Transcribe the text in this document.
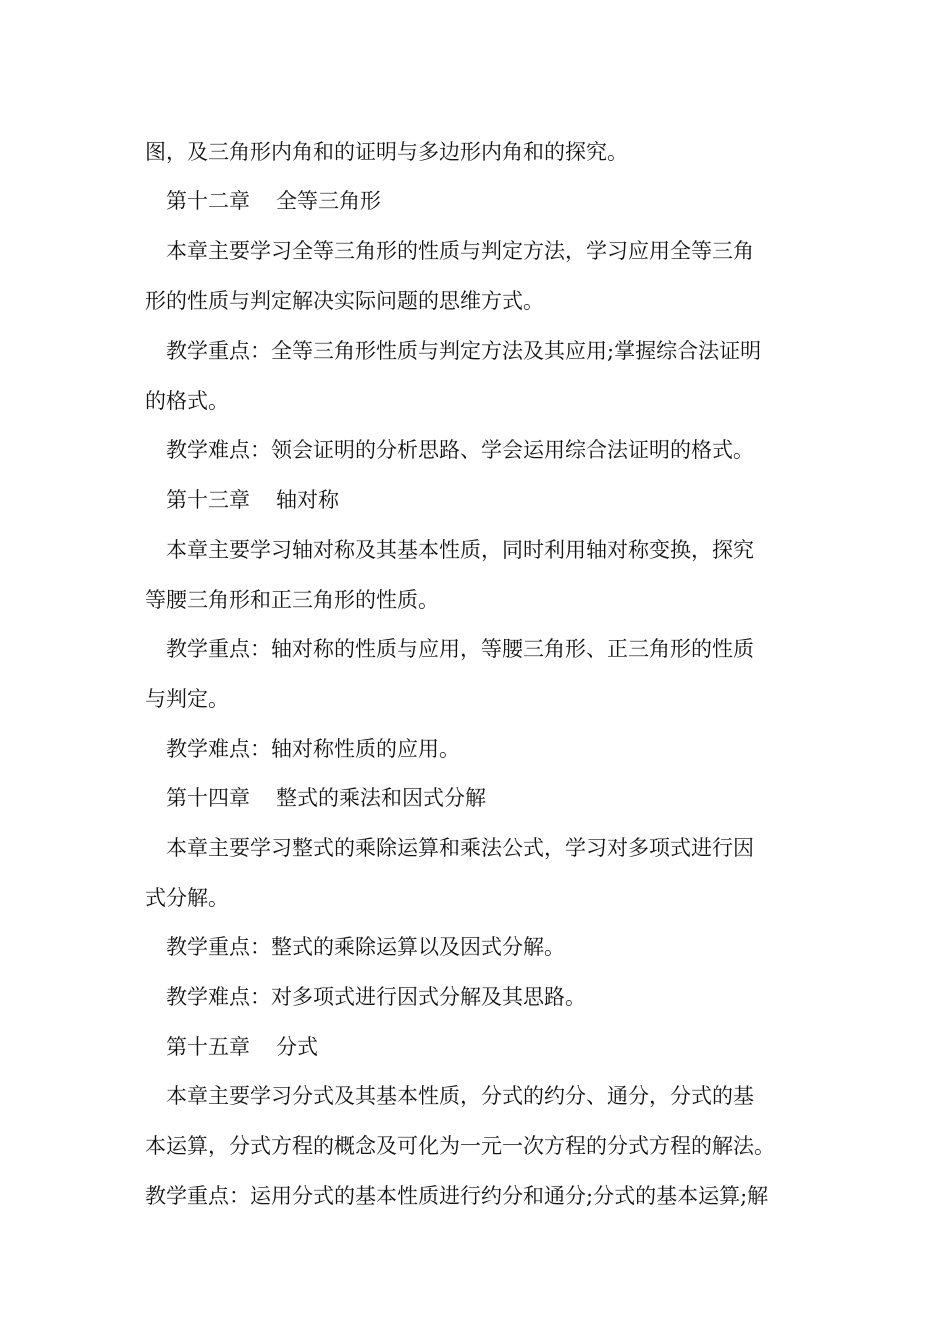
图，及三角形内角和的证明与多边形内角和的探究。
第十二章 全等三角形
本章主要学习全等三角形的性质与判定方法，学习应用全等三角
形的性质与判定解决实际问题的思维方式。
教学重点：全等三角形性质与判定方法及其应用;掌握综合法证明
的格式。
教学难点：领会证明的分析思路、学会运用综合法证明的格式。
第十三章 轴对称
本章主要学习轴对称及其基本性质，同时利用轴对称变换，探究
等腰三角形和正三角形的性质。
教学重点：轴对称的性质与应用，等腰三角形、正三角形的性质
与判定。
教学难点：轴对称性质的应用。
第十四章 整式的乘法和因式分解
本章主要学习整式的乘除运算和乘法公式，学习对多项式进行因
式分解。
教学重点：整式的乘除运算以及因式分解。
教学难点：对多项式进行因式分解及其思路。
第十五章 分式
本章主要学习分式及其基本性质，分式的约分、通分，分式的基
本运算，分式方程的概念及可化为一元一次方程的分式方程的解法。
教学重点：运用分式的基本性质进行约分和通分;分式的基本运算;解
